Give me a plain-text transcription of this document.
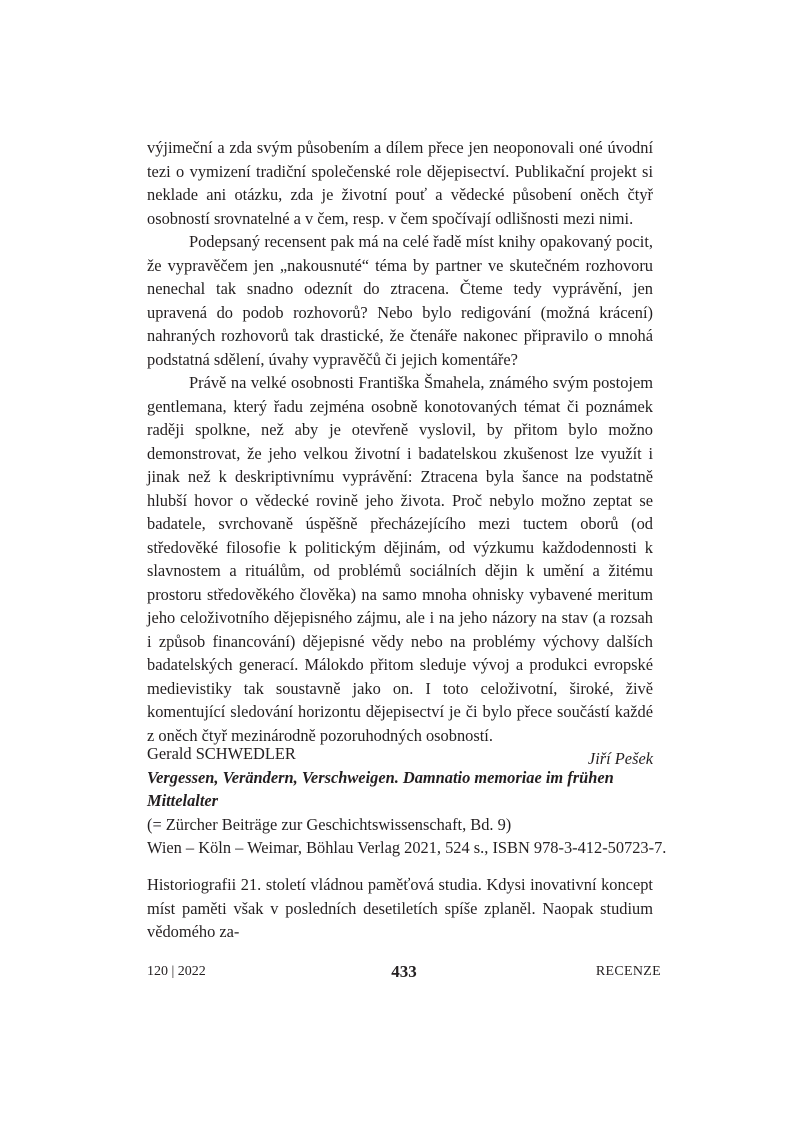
výjimeční a zda svým působením a dílem přece jen neoponovali oné úvodní tezi o vymizení tradiční společenské role dějepisectví. Publikační projekt si neklade ani otázku, zda je životní pouť a vědecké působení oněch čtyř osobností srovnatelné a v čem, resp. v čem spočívají odlišnosti mezi nimi.

Podepsaný recensent pak má na celé řadě míst knihy opakovaný pocit, že vypravěčem jen „nakousnuté“ téma by partner ve skutečném rozhovoru nenechal tak snadno odeznít do ztracena. Čteme tedy vyprávění, jen upravená do podob rozhovorů? Nebo bylo redigování (možná krácení) nahraných rozhovorů tak drastické, že čtenáře nakonec připravilo o mnohá podstatná sdělení, úvahy vypravěčů či jejich komentáře?

Právě na velké osobnosti Františka Šmahela, známého svým postojem gentlemana, který řadu zejména osobně konotovaných témat či poznámek raději spolkne, než aby je otevřeně vyslovil, by přitom bylo možno demonstrovat, že jeho velkou životní i badatelskou zkušenost lze využít i jinak než k deskriptivnímu vyprávění: Ztracena byla šance na podstatně hlubší hovor o vědecké rovině jeho života. Proč nebylo možno zeptat se badatele, svrchovaně úspěšně přecházejícího mezi tuctem oborů (od středověké filosofie k politickým dějinám, od výzkumu každodennosti k slavnostem a rituálům, od problémů sociálních dějin k umění a žitému prostoru středověkého člověka) na samo mnoha ohnisky vybavené meritum jeho celoživotního dějepisného zájmu, ale i na jeho názory na stav (a rozsah i způsob financování) dějepisné vědy nebo na problémy výchovy dalších badatelských generací. Málokdo přitom sleduje vývoj a produkci evropské medievistiky tak soustavně jako on. I toto celoživotní, široké, živě komentující sledování horizontu dějepisectví je či bylo přece součástí každé z oněch čtyř mezinárodně pozoruhodných osobností.

Jiří Pešek

Gerald SCHWEDLER

Vergessen, Verändern, Verschweigen. Damnatio memoriae im frühen Mittelalter

(= Zürcher Beiträge zur Geschichtswissenschaft, Bd. 9)

Wien – Köln – Weimar, Böhlau Verlag 2021, 524 s., ISBN 978-3-412-50723-7.

Historiografii 21. století vládnou paměťová studia. Kdysi inovativní koncept míst paměti však v posledních desetiletích spíše zplaněl. Naopak studium vědomého za-

120 | 2022	433	RECENZE
